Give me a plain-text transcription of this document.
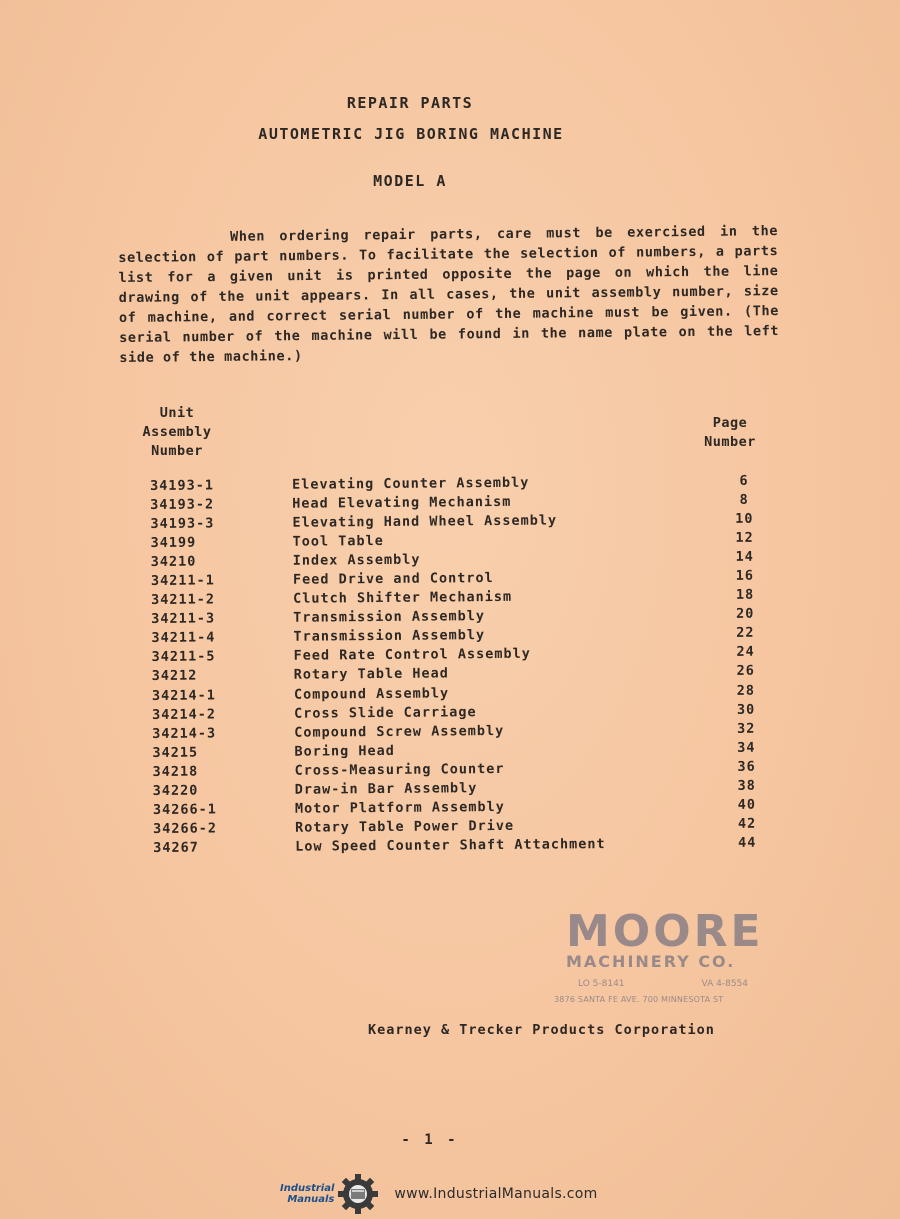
REPAIR PARTS
AUTOMETRIC JIG BORING MACHINE
MODEL A
When ordering repair parts, care must be exercised in the selection of part numbers. To facilitate the selection of numbers, a parts list for a given unit is printed opposite the page on which the line drawing of the unit appears. In all cases, the unit assembly number, size of machine, and correct serial number of the machine must be given. (The serial number of the machine will be found in the name plate on the left side of the machine.)
Unit
Assembly
Number
Page
Number
34193-1	Elevating Counter Assembly	6
34193-2	Head Elevating Mechanism	8
34193-3	Elevating Hand Wheel Assembly	10
34199	Tool Table	12
34210	Index Assembly	14
34211-1	Feed Drive and Control	16
34211-2	Clutch Shifter Mechanism	18
34211-3	Transmission Assembly	20
34211-4	Transmission Assembly	22
34211-5	Feed Rate Control Assembly	24
34212	Rotary Table Head	26
34214-1	Compound Assembly	28
34214-2	Cross Slide Carriage	30
34214-3	Compound Screw Assembly	32
34215	Boring Head	34
34218	Cross-Measuring Counter	36
34220	Draw-in Bar Assembly	38
34266-1	Motor Platform Assembly	40
34266-2	Rotary Table Power Drive	42
34267	Low Speed Counter Shaft Attachment	44
MOORE
MACHINERY CO.
LO 5-8141	VA 4-8554
3876 SANTA FE AVE. 700 MINNESOTA ST
Kearney & Trecker Products Corporation
- 1 -
Industrial
Manuals	www.IndustrialManuals.com
